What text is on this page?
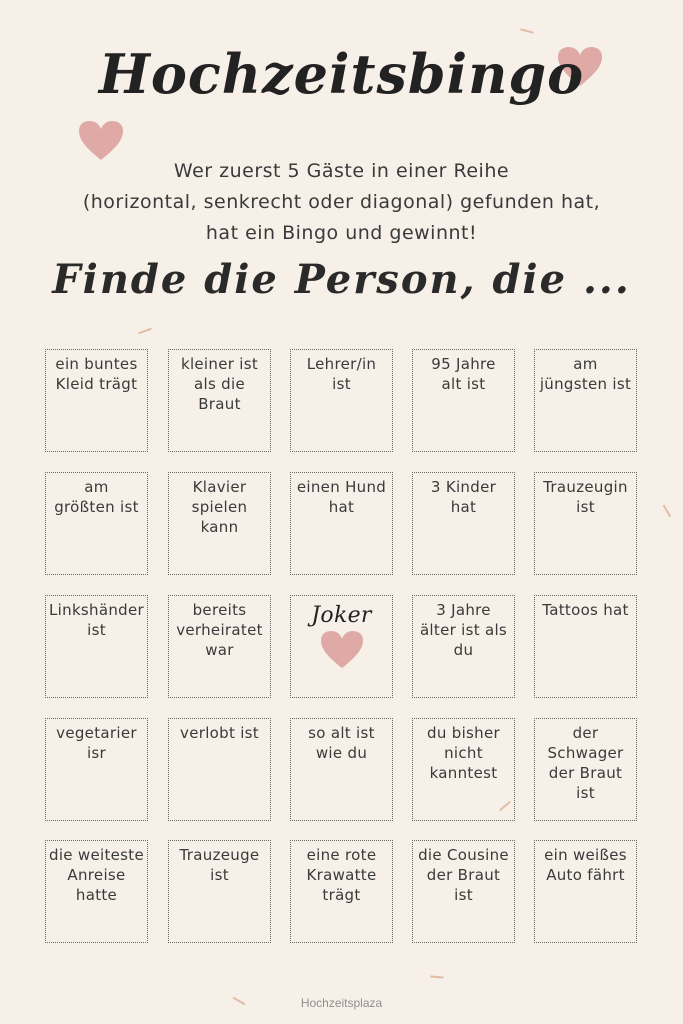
Hochzeitsbingo
Wer zuerst 5 Gäste in einer Reihe
(horizontal, senkrecht oder diagonal) gefunden hat,
hat ein Bingo und gewinnt!
Finde die Person, die ...
ein buntes
Kleid trägt
kleiner ist
als die
Braut
Lehrer/in
ist
95 Jahre
alt ist
am
jüngsten ist
am
größten ist
Klavier
spielen
kann
einen Hund
hat
3 Kinder
hat
Trauzeugin
ist
Linkshänder
ist
bereits
verheiratet
war
Joker	3 Jahre
älter ist als
du
Tattoos hat
vegetarier
isr
verlobt ist	so alt ist
wie du
du bisher
nicht
kanntest
der
Schwager
der Braut
ist
die weiteste
Anreise
hatte
Trauzeuge
ist
eine rote
Krawatte
trägt
die Cousine
der Braut
ist
ein weißes
Auto fährt
Hochzeitsplaza
